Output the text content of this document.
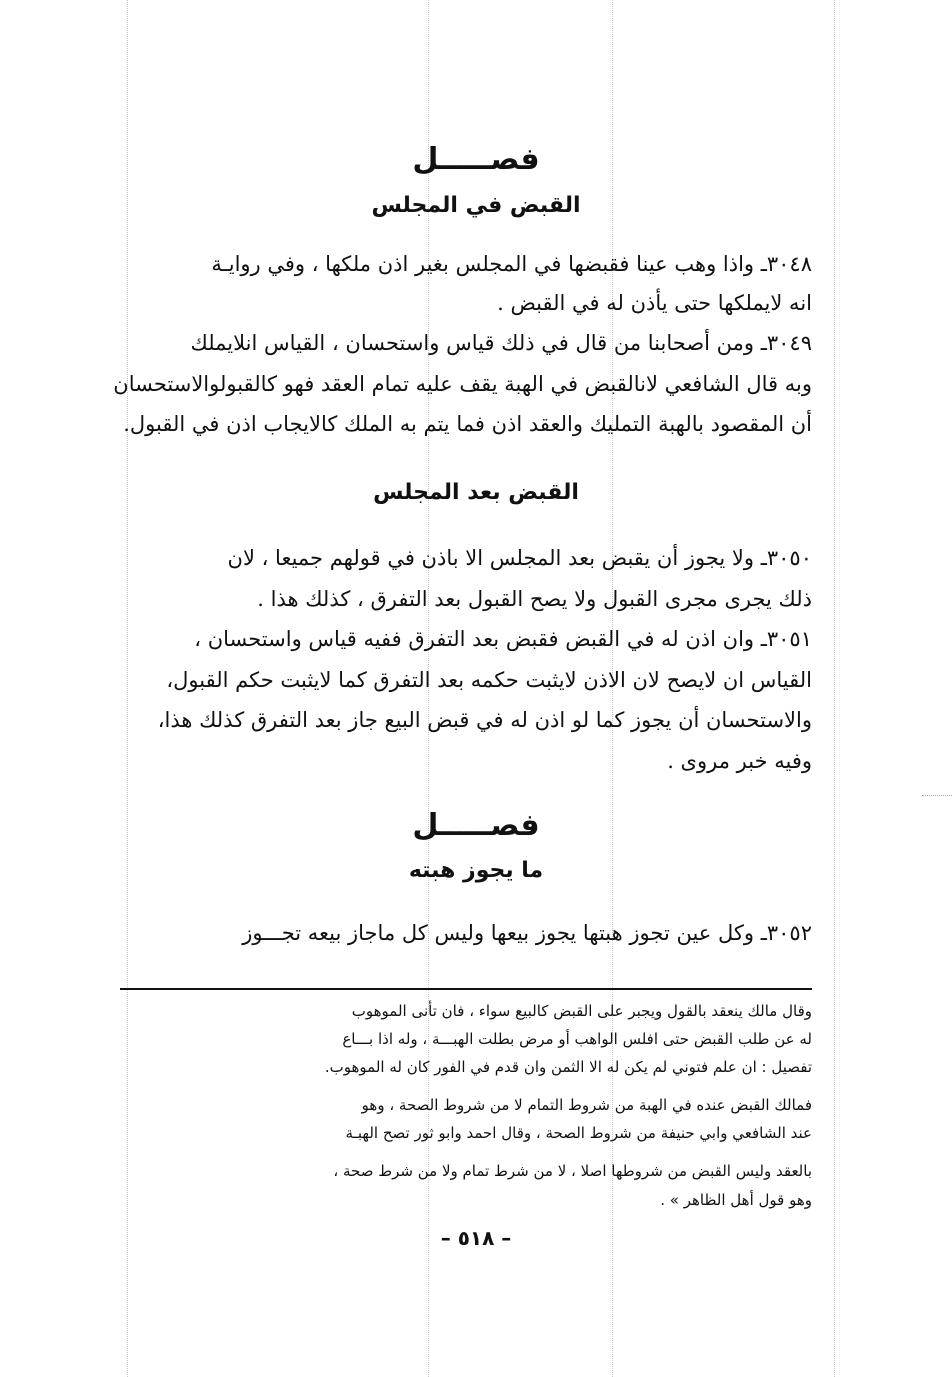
فصـــــل
القبض في المجلس
٣٠٤٨ـ واذا وهب عينا فقبضها في المجلس بغير اذن ملكها ، وفي روايـة
انه لايملكها حتى يأذن له في القبض .
٣٠٤٩ـ ومن أصحابنا من قال في ذلك قياس واستحسان ، القياس انلايملك
وبه قال الشافعي لانالقبض في الهبة يقف عليه تمام العقد فهو كالقبولوالاستحسان
أن المقصود بالهبة التمليك والعقد اذن فما يتم به الملك كالايجاب اذن في القبول.
القبض بعد المجلس
٣٠٥٠ـ ولا يجوز أن يقبض بعد المجلس الا باذن في قولهم جميعا ، لان
ذلك يجرى مجرى القبول ولا يصح القبول بعد التفرق ، كذلك هذا .
٣٠٥١ـ وان اذن له في القبض فقبض بعد التفرق ففيه قياس واستحسان ،
القياس ان لايصح لان الاذن لايثبت حكمه بعد التفرق كما لايثبت حكم القبول،
والاستحسان أن يجوز كما لو اذن له في قبض البيع جاز بعد التفرق كذلك هذا،
وفيه خبر مروى .
فصـــــل
ما يجوز هبته
٣٠٥٢ـ وكل عين تجوز هبتها يجوز بيعها وليس كل ماجاز بيعه تجـــوز
وقال مالك ينعقد بالقول ويجبر على القبض كالبيع سواء ، فان تأنى الموهوب
له عن طلب القبض حتى افلس الواهب أو مرض بطلت الهبـــة ، وله اذا بـــاع
تفصيل : ان علم فتوني لم يكن له الا الثمن وان قدم في الفور كان له الموهوب.
فمالك القبض عنده في الهبة من شروط التمام لا من شروط الصحة ، وهو
عند الشافعي وابي حنيفة من شروط الصحة ، وقال احمد وابو ثور تصح الهبـة
بالعقد وليس القبض من شروطها اصلا ، لا من شرط تمام ولا من شرط صحة ،
وهو قول أهل الظاهر » .
– ٥١٨ –
